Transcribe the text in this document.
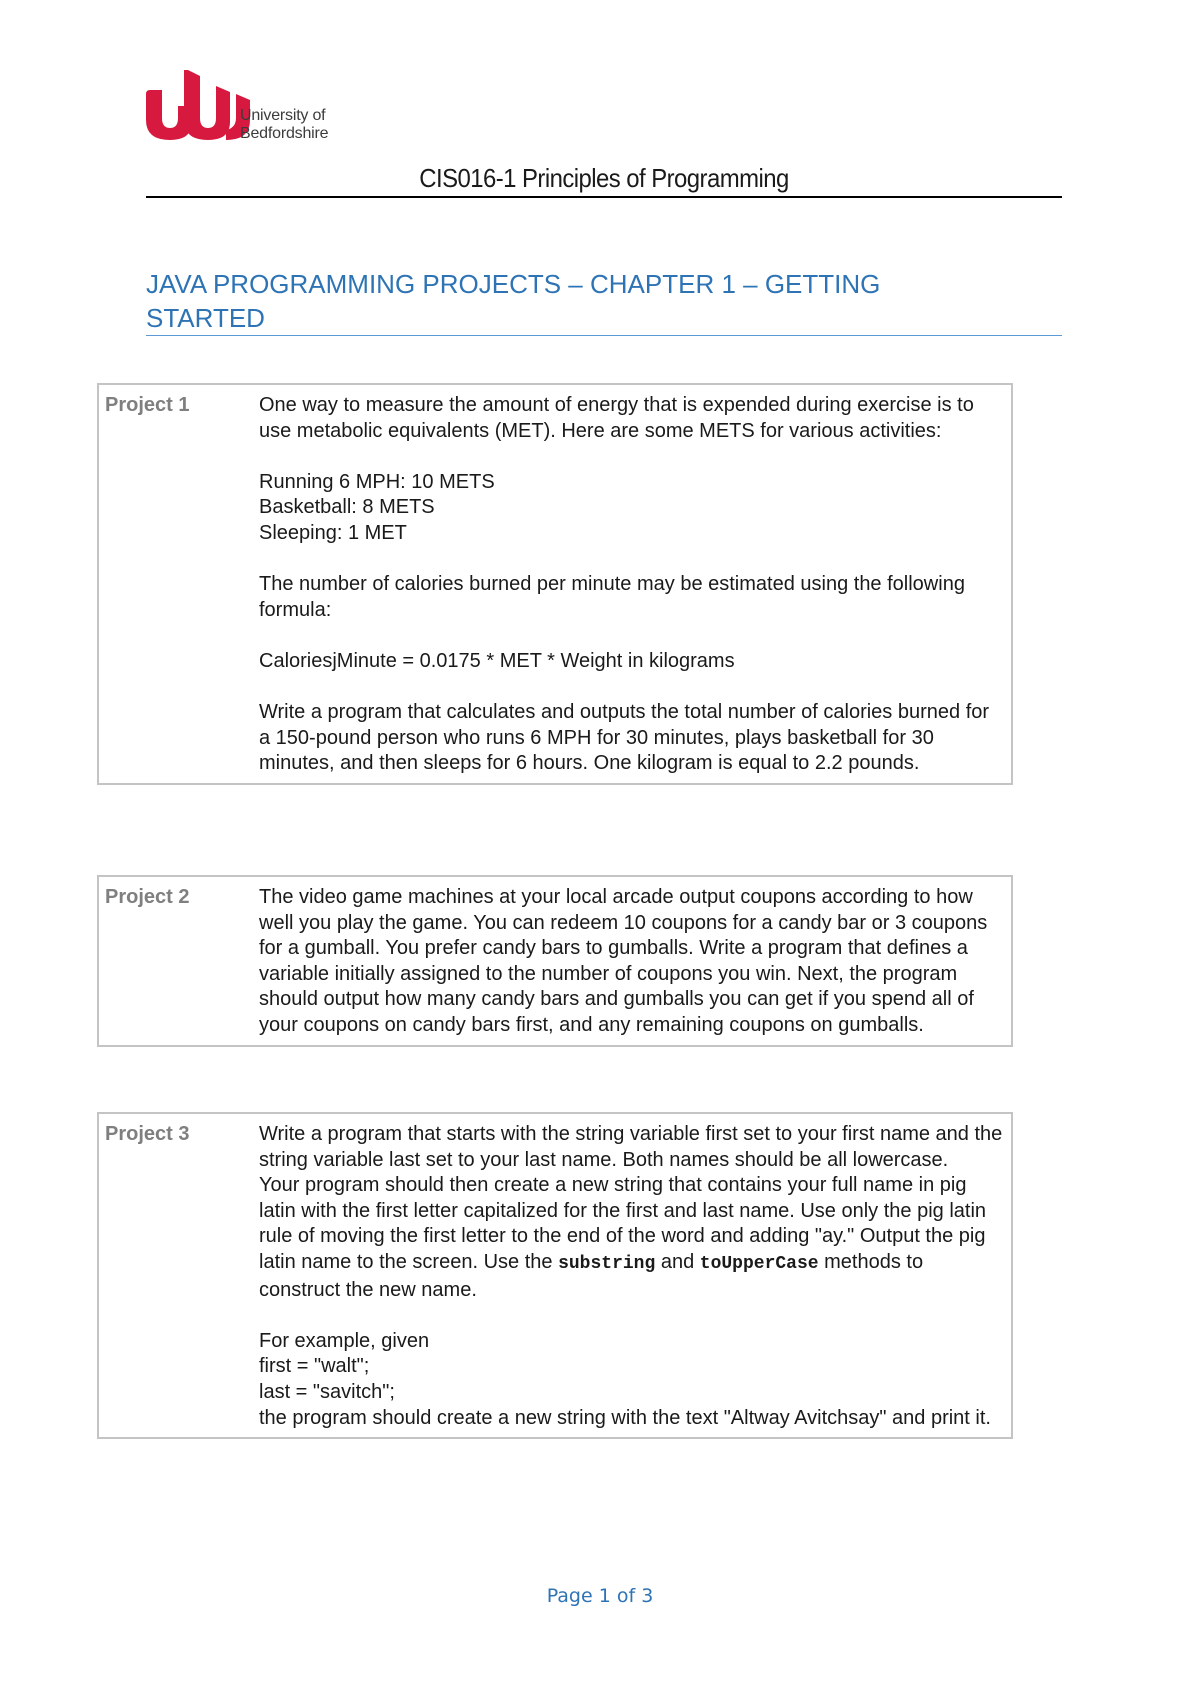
University of
Bedfordshire
CIS016-1 Principles of Programming
JAVA PROGRAMMING PROJECTS – CHAPTER 1 – GETTING
STARTED
Project 1	One way to measure the amount of energy that is expended during exercise is to use metabolic equivalents (MET). Here are some METS for various activities:

Running 6 MPH: 10 METS

Basketball: 8 METS

Sleeping: 1 MET

The number of calories burned per minute may be estimated using the following formula:

CaloriesjMinute = 0.0175 * MET * Weight in kilograms

Write a program that calculates and outputs the total number of calories burned for a 150-pound person who runs 6 MPH for 30 minutes, plays basketball for 30 minutes, and then sleeps for 6 hours. One kilogram is equal to 2.2 pounds.

Project 2	The video game machines at your local arcade output coupons according to how well you play the game. You can redeem 10 coupons for a candy bar or 3 coupons for a gumball. You prefer candy bars to gumballs. Write a program that defines a variable initially assigned to the number of coupons you win. Next, the program should output how many candy bars and gumballs you can get if you spend all of your coupons on candy bars first, and any remaining coupons on gumballs.

Project 3	Write a program that starts with the string variable first set to your first name and the string variable last set to your last name. Both names should be all lowercase.

Your program should then create a new string that contains your full name in pig latin with the first letter capitalized for the first and last name. Use only the pig latin rule of moving the first letter to the end of the word and adding "ay." Output the pig latin name to the screen. Use the substring and toUpperCase methods to construct the new name.

For example, given

first = "walt";

last = "savitch";

the program should create a new string with the text "Altway Avitchsay" and print it.

Page 1 of 3
